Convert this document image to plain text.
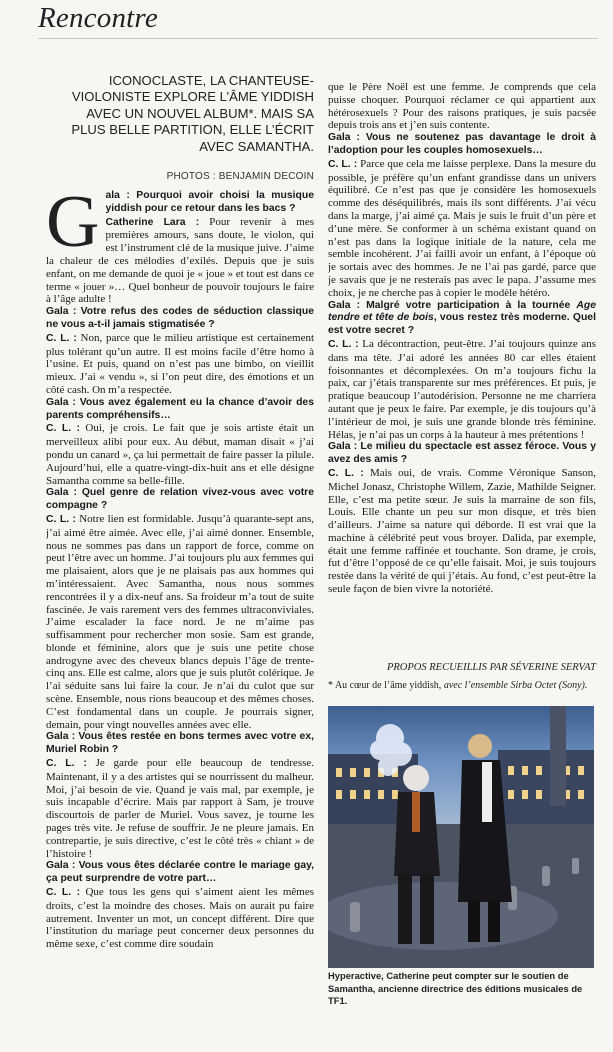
Rencontre
ICONOCLASTE, LA CHANTEUSE-VIOLONISTE EXPLORE L’ÂME YIDDISH AVEC UN NOUVEL ALBUM*. MAIS SA PLUS BELLE PARTITION, ELLE L’ÉCRIT AVEC SAMANTHA.
PHOTOS : BENJAMIN DECOIN
G ala : Pourquoi avoir choisi la musique yiddish pour ce retour dans les bacs ?

Catherine Lara : Pour revenir à mes premières amours, sans doute, le violon, qui est l’instrument clé de la musique juive. J’aime la chaleur de ces mélodies d’exilés. Depuis que je suis enfant, on me demande de quoi je « joue » et tout est dans ce terme « jouer »… Quel bonheur de pouvoir toujours le faire à l’âge adulte !

Gala : Votre refus des codes de séduction classique ne vous a-t-il jamais stigmatisée ?

C. L. : Non, parce que le milieu artistique est certainement plus tolérant qu’un autre. Il est moins facile d’être homo à l’usine. Et puis, quand on n’est pas une bimbo, on vieillit mieux. J’ai « vendu », si l’on peut dire, des émotions et un côté cash. On m’a respectée.

Gala : Vous avez également eu la chance d’avoir des parents compréhensifs…

C. L. : Oui, je crois. Le fait que je sois artiste était un merveilleux alibi pour eux. Au début, maman disait « j’ai pondu un canard », ça lui permettait de faire passer la pilule. Aujourd’hui, elle a quatre-vingt-dix-huit ans et elle désigne Samantha comme sa belle-fille.

Gala : Quel genre de relation vivez-vous avec votre compagne ?

C. L. : Notre lien est formidable. Jusqu’à quarante-sept ans, j’ai aimé être aimée. Avec elle, j’ai aimé donner. Ensemble, nous ne sommes pas dans un rapport de force, comme on peut l’être avec un homme. J’ai toujours plu aux femmes qui me plaisaient, alors que je ne plaisais pas aux hommes qui m’intéressaient. Avec Samantha, nous nous sommes rencontrées il y a dix-neuf ans. Sa froideur m’a tout de suite fascinée. Je vais rarement vers des femmes ultraconviviales. J’aime escalader la face nord. Je ne m’aime pas suffisamment pour rechercher mon sosie. Sam est grande, blonde et féminine, alors que je suis une petite chose androgyne avec des cheveux blancs depuis l’âge de trente-cinq ans. Elle est calme, alors que je suis plutôt colérique. Je l’ai séduite sans lui faire la cour. Je n’ai du culot que sur scène. Ensemble, nous rions beaucoup et des mêmes choses. C’est fondamental dans un couple. Je pourrais signer, demain, pour vingt nouvelles années avec elle.

Gala : Vous êtes restée en bons termes avec votre ex, Muriel Robin ?

C. L. : Je garde pour elle beaucoup de tendresse. Maintenant, il y a des artistes qui se nourrissent du malheur. Moi, j’ai besoin de vie. Quand je vais mal, par exemple, je suis incapable d’écrire. Mais par rapport à Sam, je trouve discourtois de parler de Muriel. Vous savez, je tourne les pages très vite. Je refuse de souffrir. Je ne pleure jamais. En contrepartie, je suis directive, c’est le côté très « chiant » de l’histoire !

Gala : Vous vous êtes déclarée contre le mariage gay, ça peut surprendre de votre part…

C. L. : Que tous les gens qui s’aiment aient les mêmes droits, c’est la moindre des choses. Mais on aurait pu faire autrement. Inventer un mot, un concept différent. Dire que l’institution du mariage peut concerner deux personnes du même sexe, c’est comme dire soudain

que le Père Noël est une femme. Je comprends que cela puisse choquer. Pourquoi réclamer ce qui appartient aux hétérosexuels ? Pour des raisons pratiques, je suis pacsée depuis trois ans et j’en suis contente.

Gala : Vous ne soutenez pas davantage le droit à l’adoption pour les couples homosexuels…

C. L. : Parce que cela me laisse perplexe. Dans la mesure du possible, je préfère qu’un enfant grandisse dans un univers équilibré. Ce n’est pas que je considère les homosexuels comme des déséquilibrés, mais ils sont différents. J’ai vécu dans la marge, j’ai aimé ça. Mais je suis le fruit d’un père et d’une mère. Se conformer à un schéma existant quand on n’est pas dans la logique initiale de la nature, cela me semble incohérent. J’ai failli avoir un enfant, à l’époque où je sortais avec des hommes. Je ne l’ai pas gardé, parce que je savais que je ne resterais pas avec le papa. J’assume mes choix, je ne cherche pas à copier le modèle hétéro.

Gala : Malgré votre participation à la tournée Age tendre et tête de bois, vous restez très moderne. Quel est votre secret ?

C. L. : La décontraction, peut-être. J’ai toujours quinze ans dans ma tête. J’ai adoré les années 80 car elles étaient foisonnantes et décomplexées. On m’a toujours fichu la paix, car j’étais transparente sur mes préférences. Et puis, je pratique beaucoup l’autodérision. Personne ne me charriera autant que je peux le faire. Par exemple, je dis toujours qu’à l’intérieur de moi, je suis une grande blonde très féminine. Hélas, je n’ai pas un corps à la hauteur à mes prétentions !

Gala : Le milieu du spectacle est assez féroce. Vous y avez des amis ?

C. L. : Mais oui, de vrais. Comme Véronique Sanson, Michel Jonasz, Christophe Willem, Zazie, Mathilde Seigner. Elle, c’est ma petite sœur. Je suis la marraine de son fils, Louis. Elle chante un peu sur mon disque, et très bien d’ailleurs. J’aime sa nature qui déborde. Il est vrai que la machine à célébrité peut vous broyer. Dalida, par exemple, était une femme raffinée et touchante. Son drame, je crois, fut d’être l’opposé de ce qu’elle faisait. Moi, je suis toujours restée dans la vérité de qui j’étais. Au fond, c’est peut-être la seule façon de bien vivre la notoriété.

PROPOS RECUEILLIS PAR SÉVERINE SERVAT
* Au cœur de l’âme yiddish, avec l’ensemble Sirba Octet (Sony).
Hyperactive, Catherine peut compter sur le soutien de Samantha, ancienne directrice des éditions musicales de TF1.
